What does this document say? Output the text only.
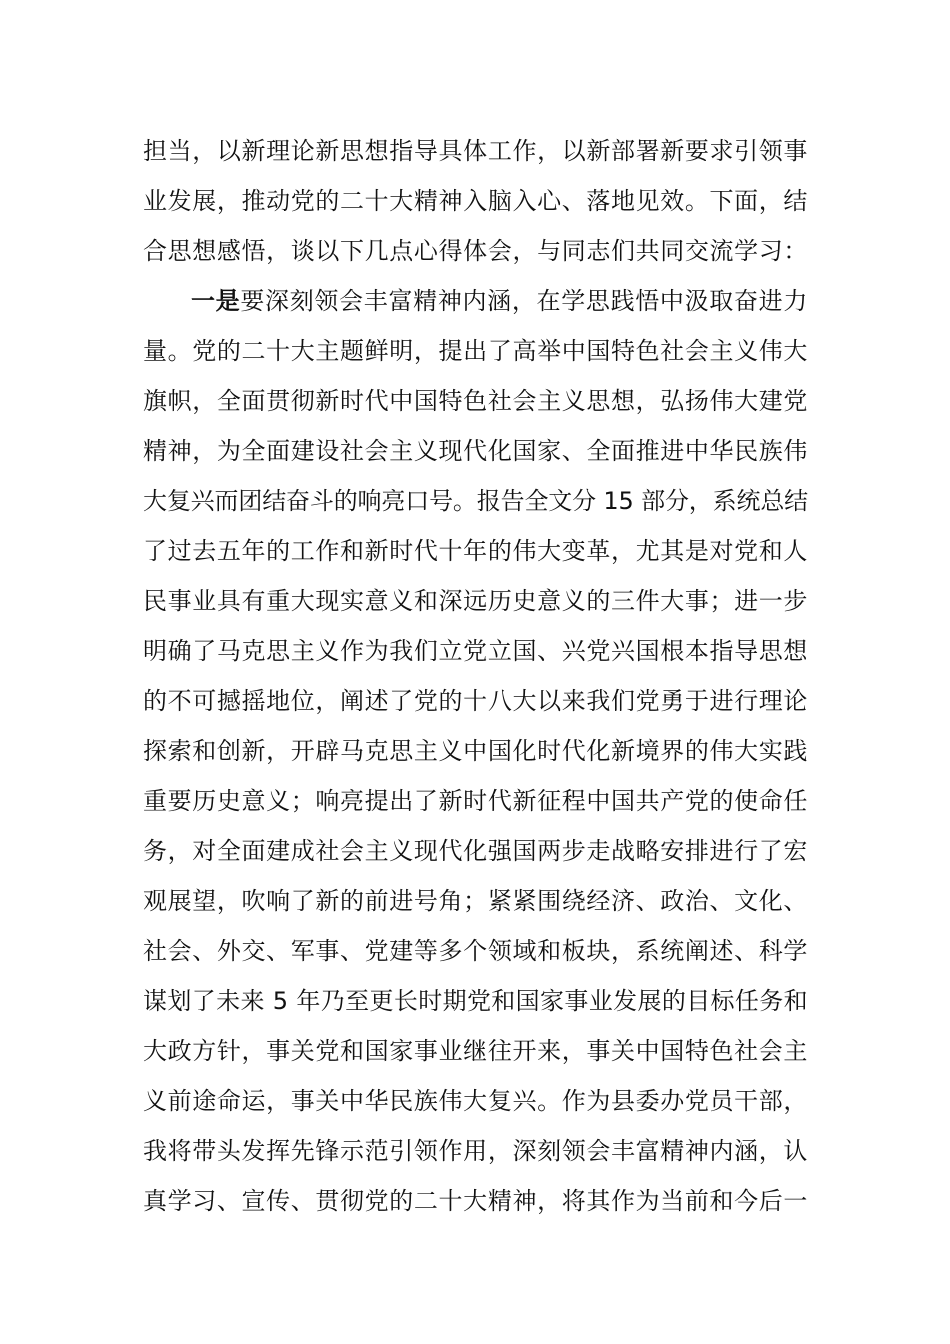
担当，以新理论新思想指导具体工作，以新部署新要求引领事
业发展，推动党的二十大精神入脑入心、落地见效。下面，结
合思想感悟，谈以下几点心得体会，与同志们共同交流学习：
一是要深刻领会丰富精神内涵，在学思践悟中汲取奋进力
量。党的二十大主题鲜明，提出了高举中国特色社会主义伟大
旗帜，全面贯彻新时代中国特色社会主义思想，弘扬伟大建党
精神，为全面建设社会主义现代化国家、全面推进中华民族伟
大复兴而团结奋斗的响亮口号。报告全文分 15 部分，系统总结
了过去五年的工作和新时代十年的伟大变革，尤其是对党和人
民事业具有重大现实意义和深远历史意义的三件大事；进一步
明确了马克思主义作为我们立党立国、兴党兴国根本指导思想
的不可撼摇地位，阐述了党的十八大以来我们党勇于进行理论
探索和创新，开辟马克思主义中国化时代化新境界的伟大实践
重要历史意义；响亮提出了新时代新征程中国共产党的使命任
务，对全面建成社会主义现代化强国两步走战略安排进行了宏
观展望，吹响了新的前进号角；紧紧围绕经济、政治、文化、
社会、外交、军事、党建等多个领域和板块，系统阐述、科学
谋划了未来 5 年乃至更长时期党和国家事业发展的目标任务和
大政方针，事关党和国家事业继往开来，事关中国特色社会主
义前途命运，事关中华民族伟大复兴。作为县委办党员干部，
我将带头发挥先锋示范引领作用，深刻领会丰富精神内涵，认
真学习、宣传、贯彻党的二十大精神，将其作为当前和今后一
